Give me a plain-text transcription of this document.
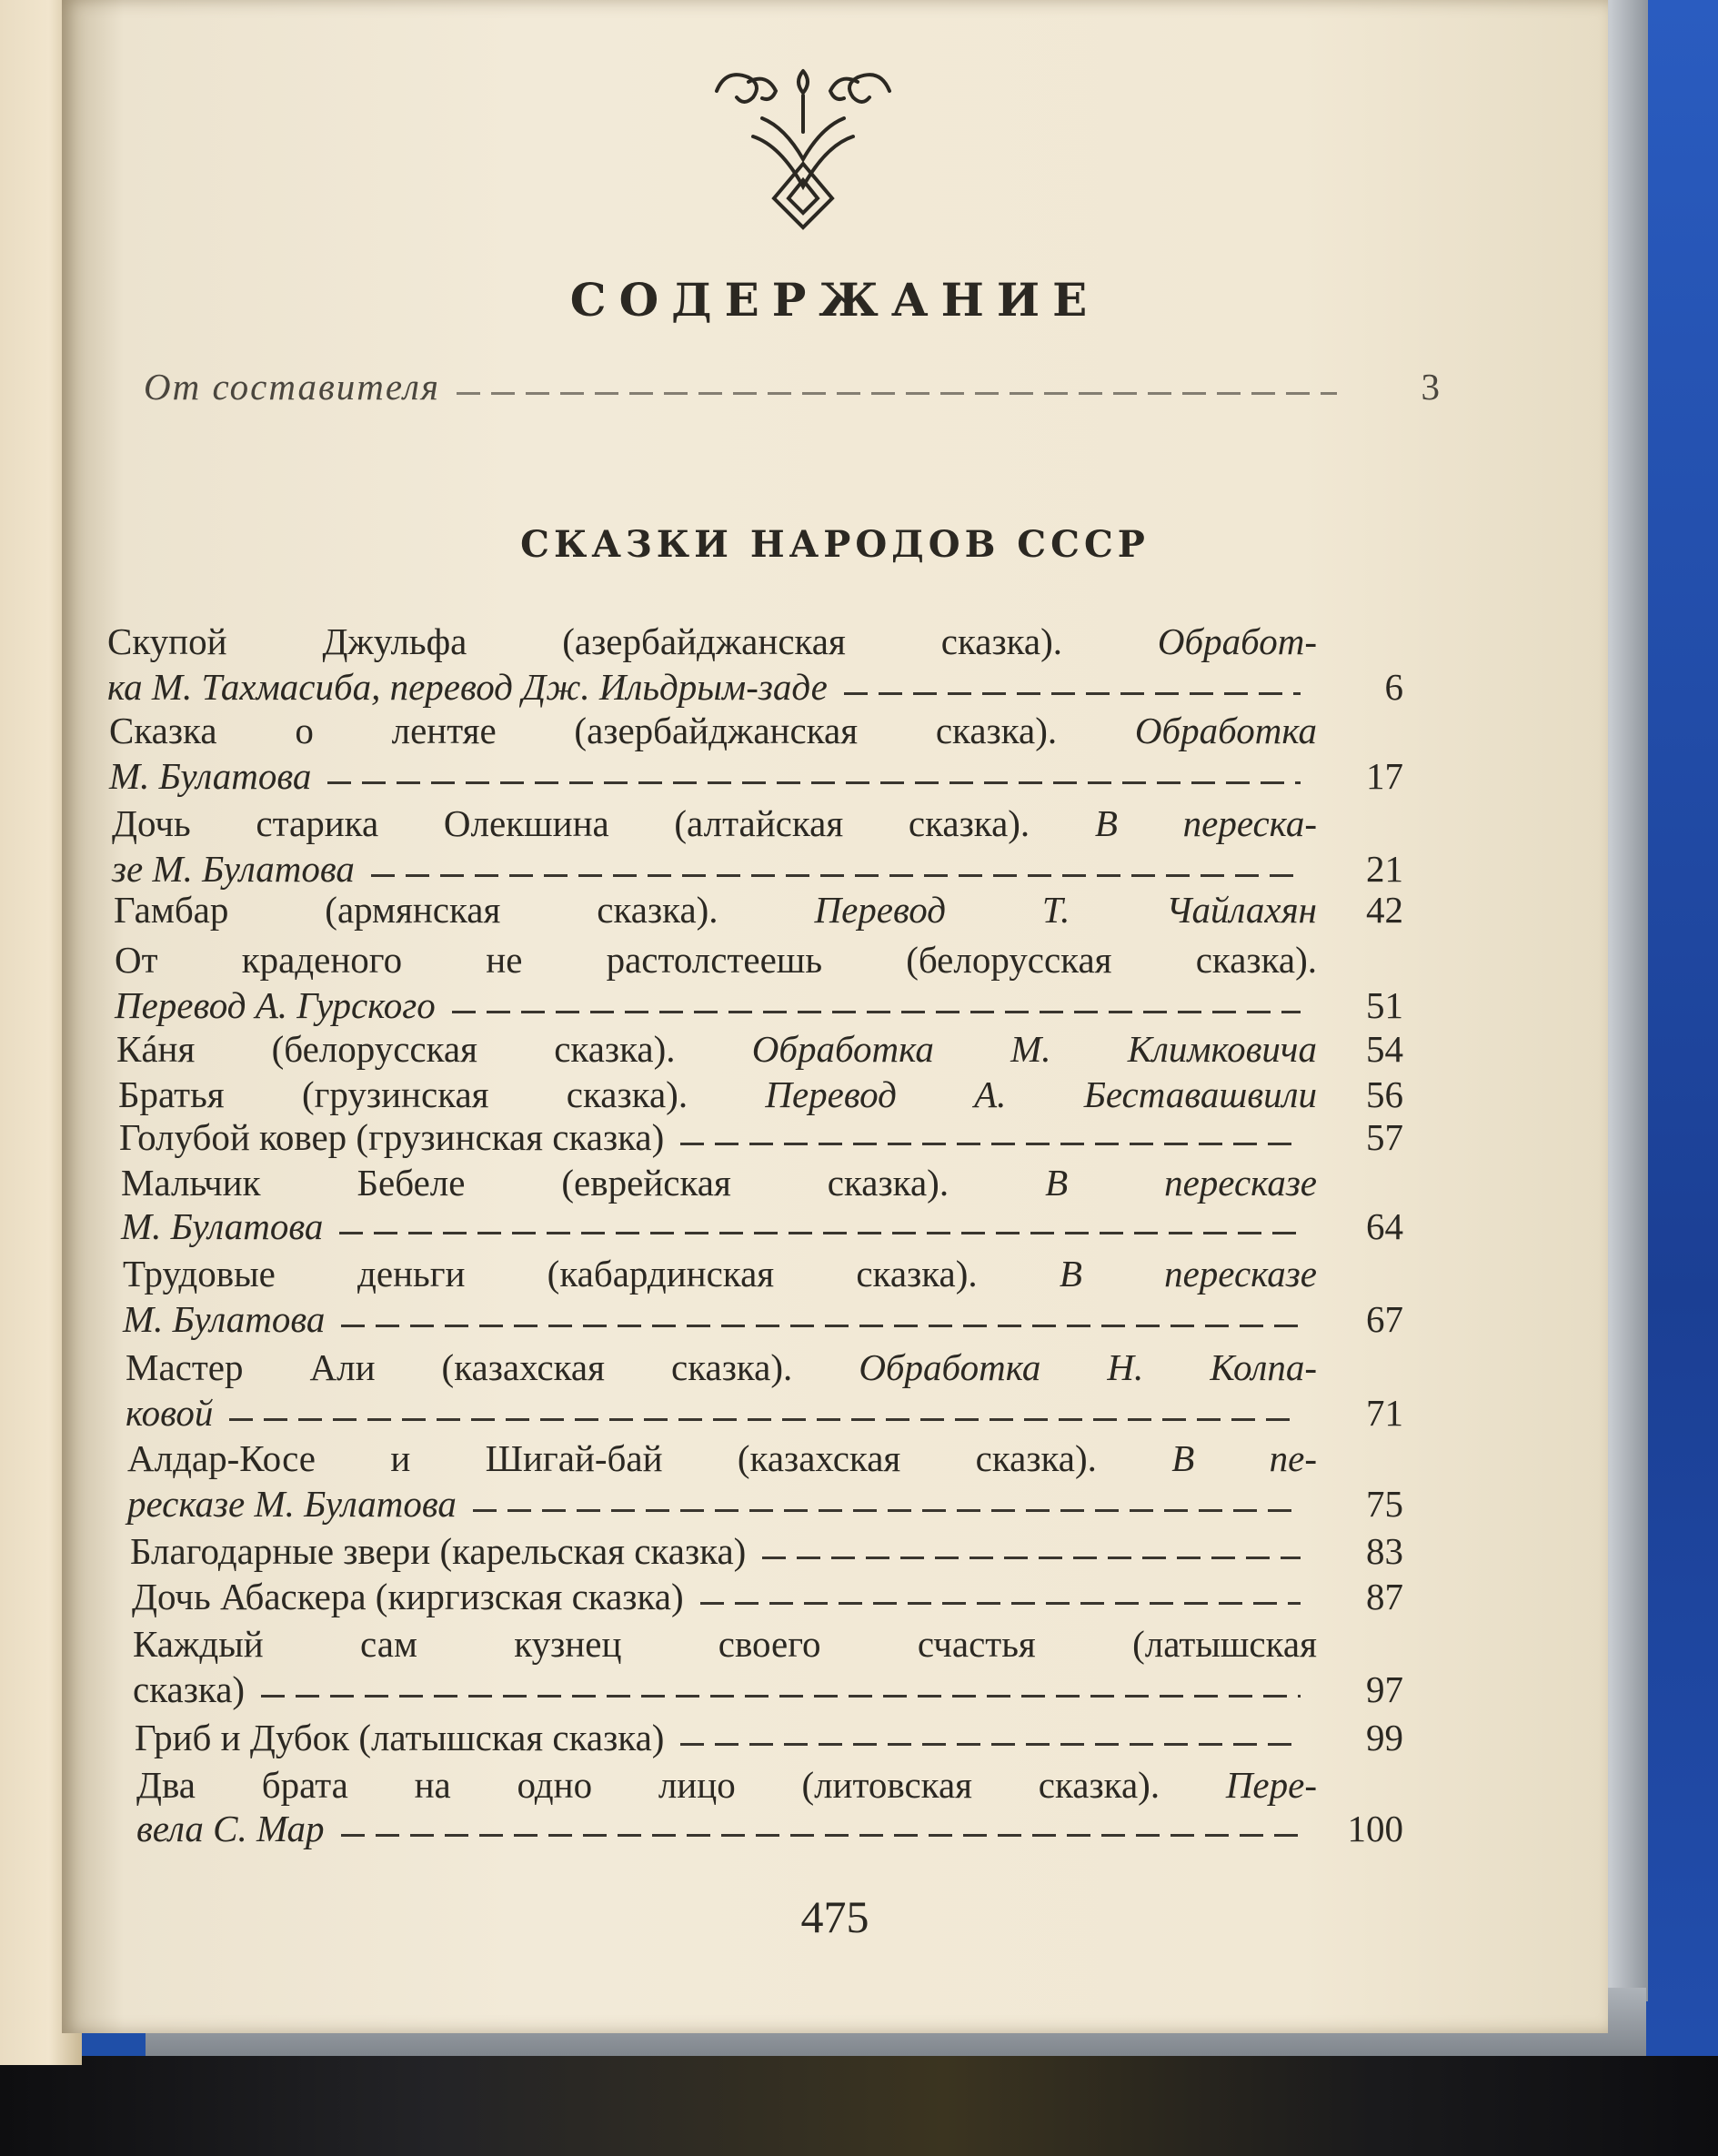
СОДЕРЖАНИЕ
От составителя	3
СКАЗКИ НАРОДОВ СССР
Скупой Джульфа (азербайджанская сказка). Обработ-
ка М. Тахмасиба, перевод Дж. Ильдрым-заде	6
Сказка о лентяе (азербайджанская сказка). Обработка
М. Булатова	17
Дочь старика Олекшина (алтайская сказка). В переска-
зе М. Булатова	21
Гамбар (армянская сказка). Перевод Т. Чайлахян	42
От краденого не растолстеешь (белорусская сказка).
Перевод А. Гурского	51
Кáня (белорусская сказка). Обработка М. Климковича	54
Братья (грузинская сказка). Перевод А. Беставашвили	56
Голубой ковер (грузинская сказка)	57
Мальчик Бебеле (еврейская сказка). В пересказе
М. Булатова	64
Трудовые деньги (кабардинская сказка). В пересказе
М. Булатова	67
Мастер Али (казахская сказка). Обработка Н. Колпа-
ковой	71
Алдар-Косе и Шигай-бай (казахская сказка). В пе-
ресказе М. Булатова	75
Благодарные звери (карельская сказка)	83
Дочь Абаскера (киргизская сказка)	87
Каждый сам кузнец своего счастья (латышская
сказка)	97
Гриб и Дубок (латышская сказка)	99
Два брата на одно лицо (литовская сказка). Пере-
вела С. Мар	100
475
